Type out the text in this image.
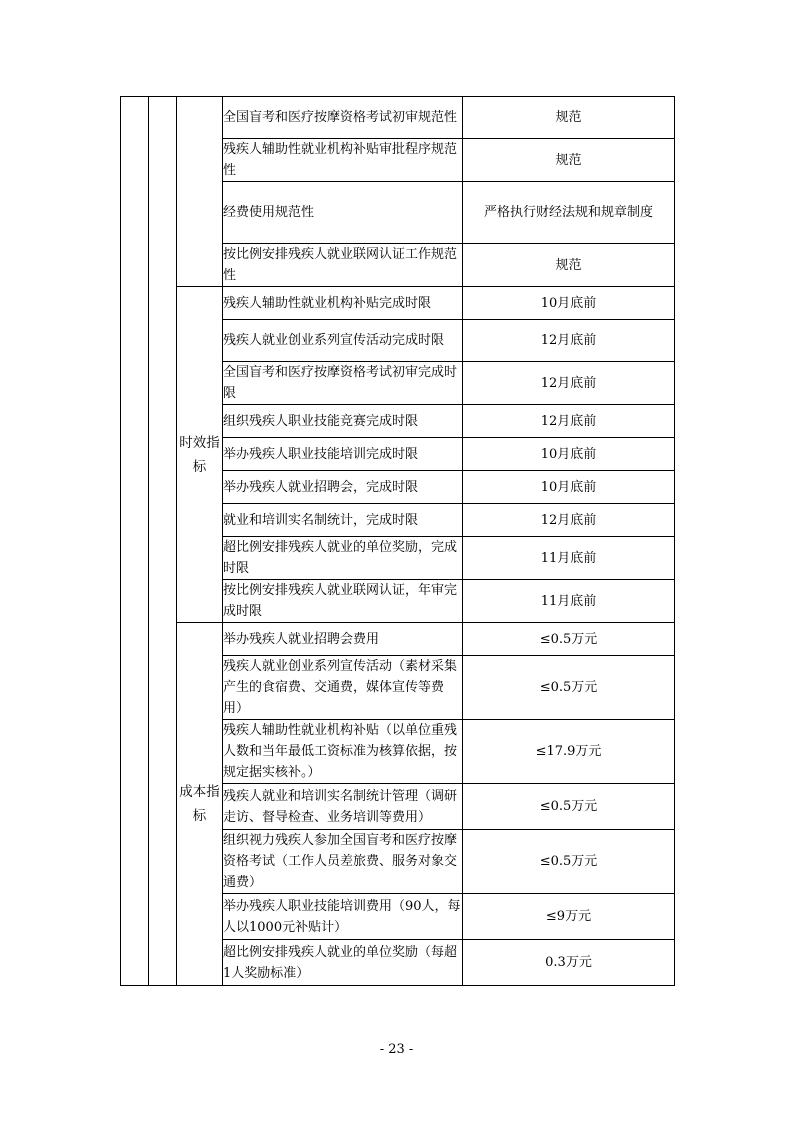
			全国盲考和医疗按摩资格考试初审规范性	规范
			残疾人辅助性就业机构补贴审批程序规范性	规范
			经费使用规范性	严格执行财经法规和规章制度
			按比例安排残疾人就业联网认证工作规范性	规范
		时效指标	残疾人辅助性就业机构补贴完成时限	10月底前
			残疾人就业创业系列宣传活动完成时限	12月底前
			全国盲考和医疗按摩资格考试初审完成时限	12月底前
			组织残疾人职业技能竞赛完成时限	12月底前
			举办残疾人职业技能培训完成时限	10月底前
			举办残疾人就业招聘会，完成时限	10月底前
			就业和培训实名制统计，完成时限	12月底前
			超比例安排残疾人就业的单位奖励，完成时限	11月底前
			按比例安排残疾人就业联网认证，年审完成时限	11月底前
		成本指标	举办残疾人就业招聘会费用	≤0.5万元
			残疾人就业创业系列宣传活动（素材采集产生的食宿费、交通费，媒体宣传等费用）	≤0.5万元
			残疾人辅助性就业机构补贴（以单位重残人数和当年最低工资标准为核算依据，按规定据实核补。）	≤17.9万元
			残疾人就业和培训实名制统计管理（调研走访、督导检查、业务培训等费用）	≤0.5万元
			组织视力残疾人参加全国盲考和医疗按摩资格考试（工作人员差旅费、服务对象交通费）	≤0.5万元
			举办残疾人职业技能培训费用（90人，每人以1000元补贴计）	≤9万元
			超比例安排残疾人就业的单位奖励（每超1人奖励标准）	0.3万元
- 23 -
